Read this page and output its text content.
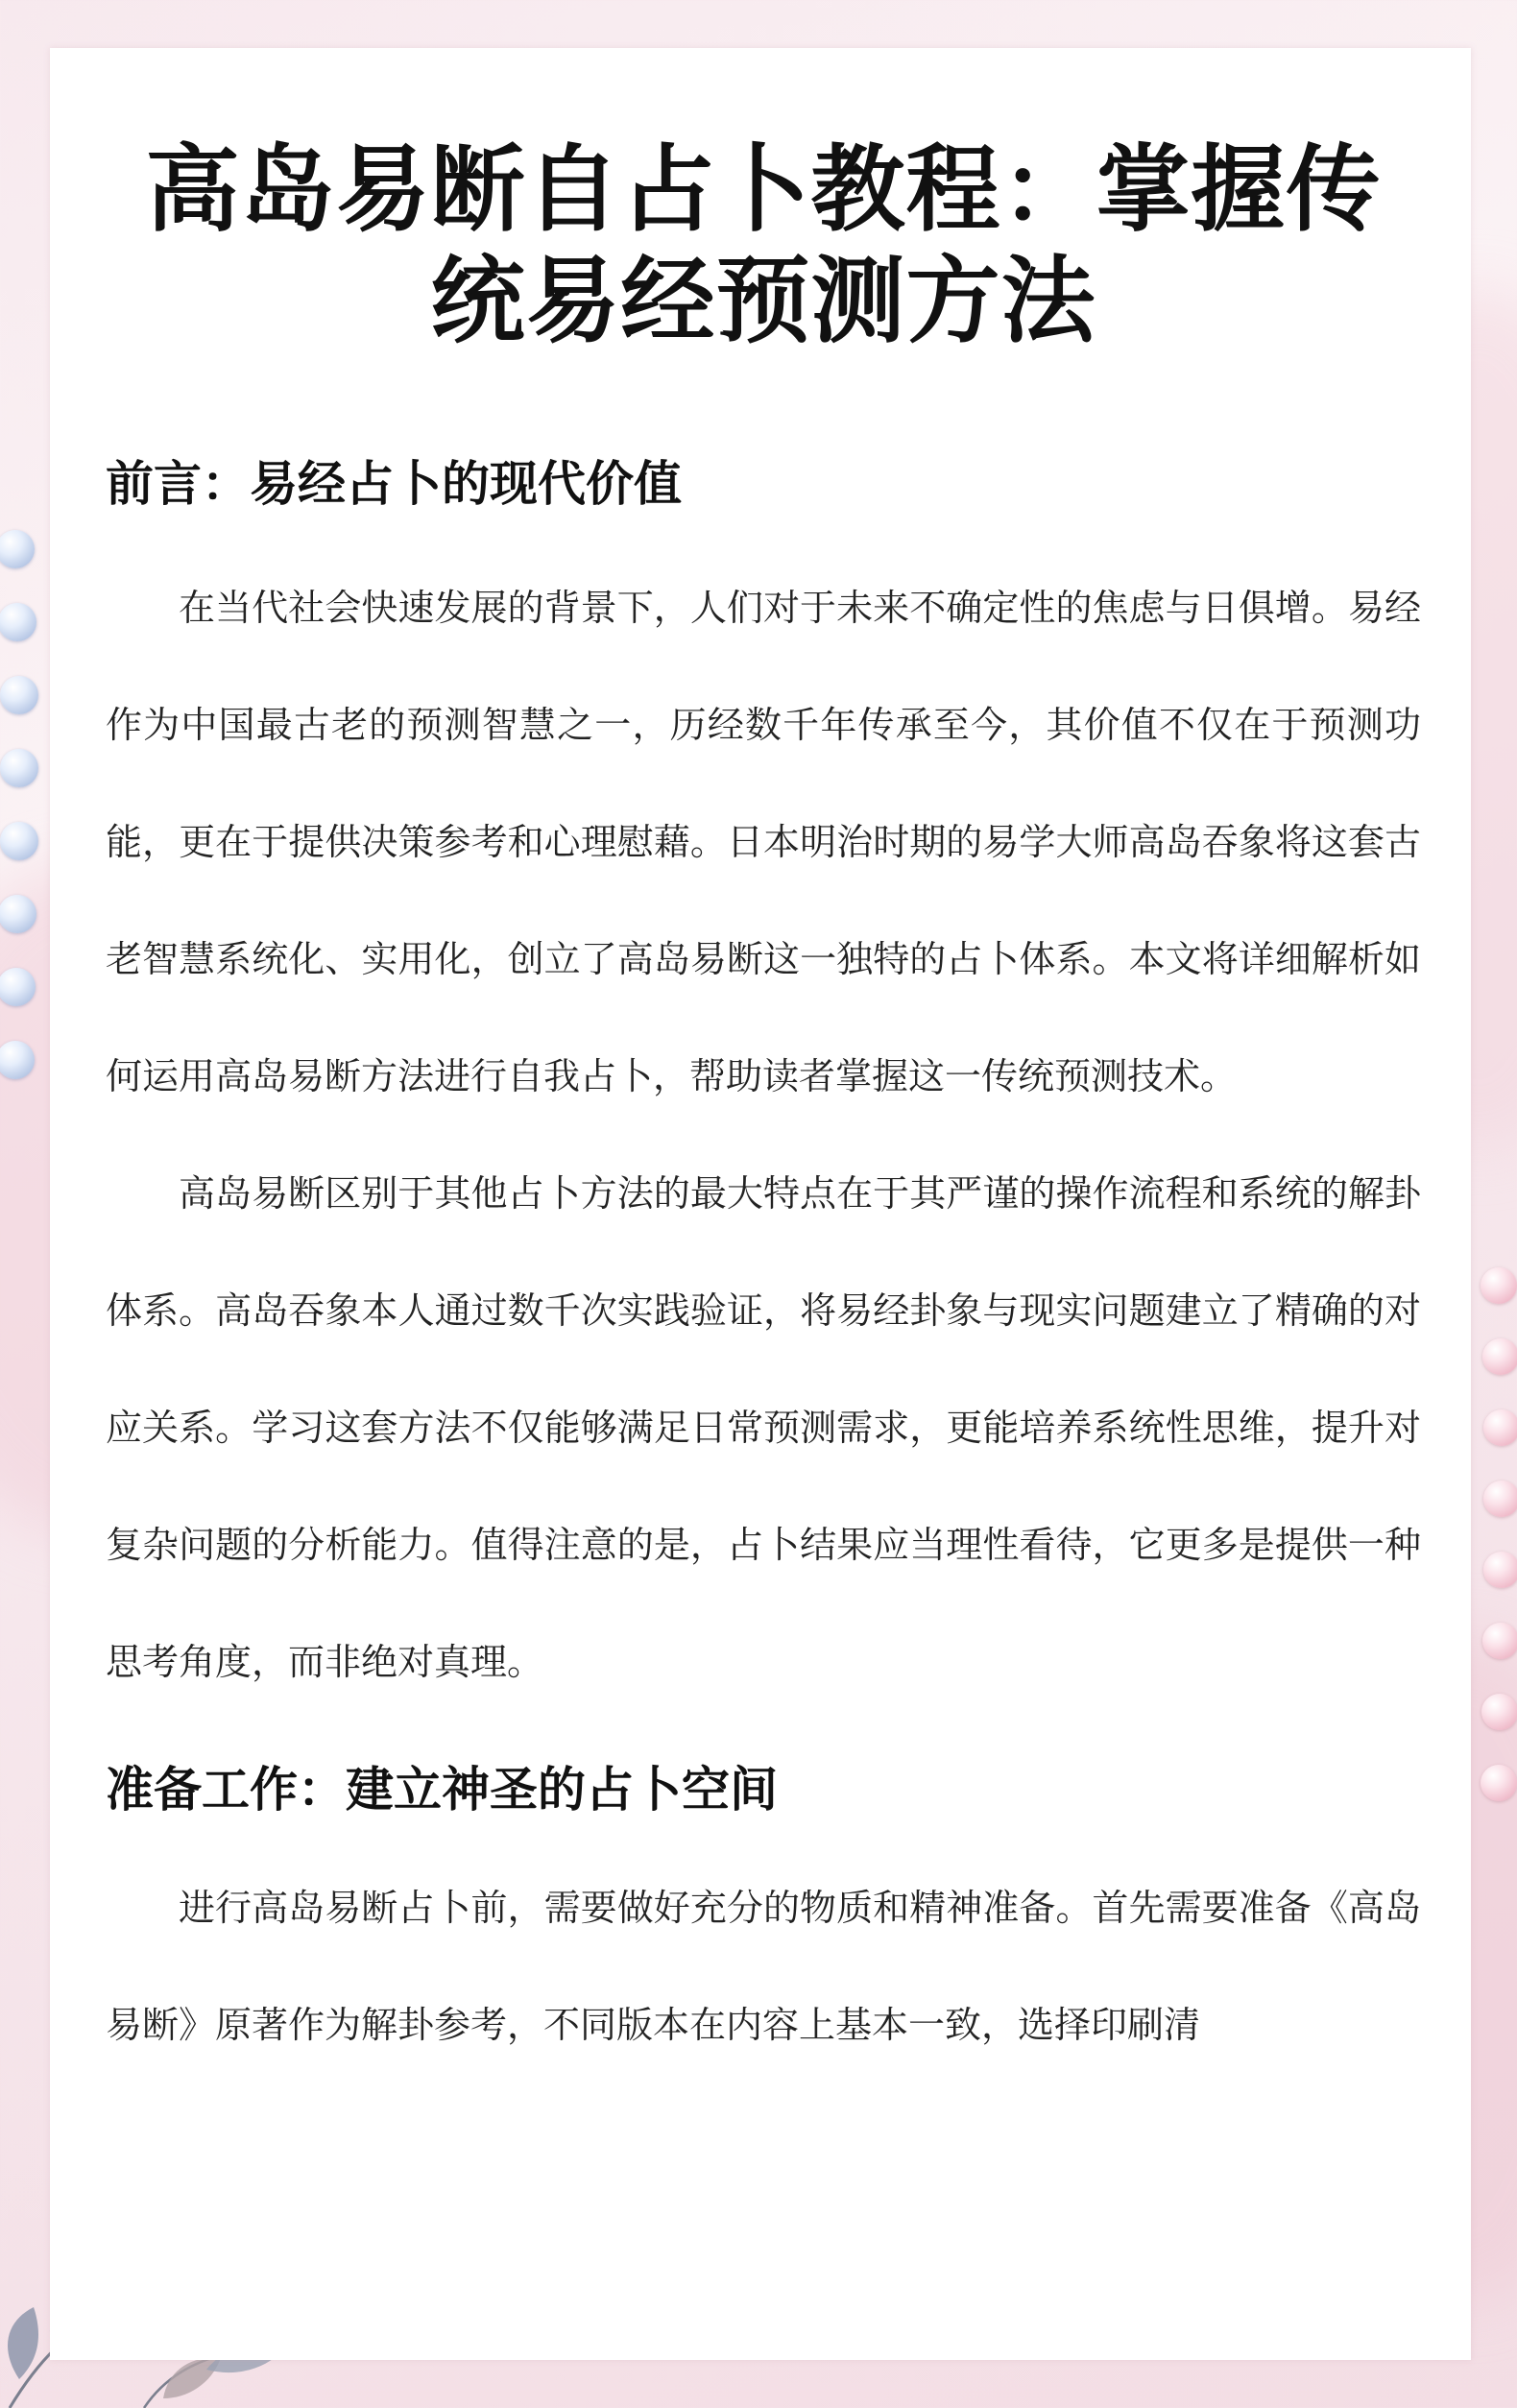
高岛易断自占卜教程：掌握传
统易经预测方法
前言：易经占卜的现代价值

在当代社会快速发展的背景下，人们对于未来不确定性的焦虑与日俱增。易经作为中国最古老的预测智慧之一，历经数千年传承至今，其价值不仅在于预测功能，更在于提供决策参考和心理慰藉。日本明治时期的易学大师高岛吞象将这套古老智慧系统化、实用化，创立了高岛易断这一独特的占卜体系。本文将详细解析如何运用高岛易断方法进行自我占卜，帮助读者掌握这一传统预测技术。

高岛易断区别于其他占卜方法的最大特点在于其严谨的操作流程和系统的解卦体系。高岛吞象本人通过数千次实践验证，将易经卦象与现实问题建立了精确的对应关系。学习这套方法不仅能够满足日常预测需求，更能培养系统性思维，提升对复杂问题的分析能力。值得注意的是，占卜结果应当理性看待，它更多是提供一种思考角度，而非绝对真理。

准备工作：建立神圣的占卜空间

进行高岛易断占卜前，需要做好充分的物质和精神准备。首先需要准备《高岛易断》原著作为解卦参考，不同版本在内容上基本一致，选择印刷清
